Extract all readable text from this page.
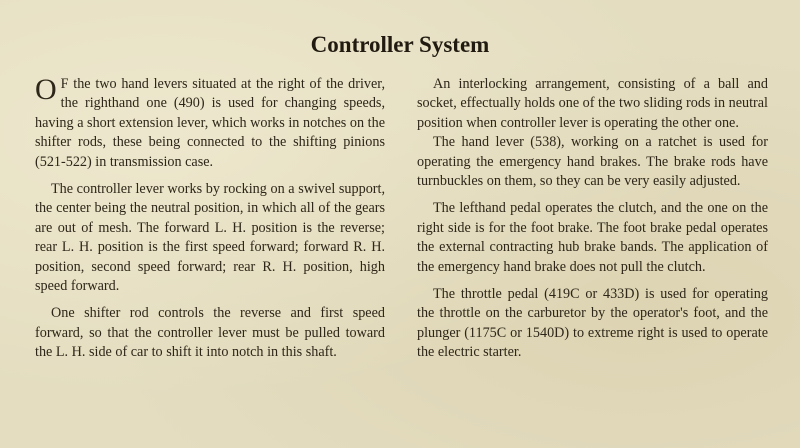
Controller System

O F the two hand levers situated at the right of the driver, the righthand one (490) is used for changing speeds, having a short extension lever, which works in notches on the shifter rods, these being connected to the shifting pinions (521-522) in transmission case.

The controller lever works by rocking on a swivel support, the center being the neutral position, in which all of the gears are out of mesh. The forward L. H. position is the reverse; rear L. H. position is the first speed forward; forward R. H. position, second speed forward; rear R. H. position, high speed forward.

One shifter rod controls the reverse and first speed forward, so that the controller lever must be pulled toward the L. H. side of car to shift it into notch in this shaft.

An interlocking arrangement, consisting of a ball and socket, effectually holds one of the two sliding rods in neutral position when controller lever is operating the other one.

The hand lever (538), working on a ratchet is used for operating the emergency hand brakes. The brake rods have turnbuckles on them, so they can be very easily adjusted.

The lefthand pedal operates the clutch, and the one on the right side is for the foot brake. The foot brake pedal operates the external contracting hub brake bands. The application of the emergency hand brake does not pull the clutch.

The throttle pedal (419C or 433D) is used for operating the throttle on the carburetor by the operator's foot, and the plunger (1175C or 1540D) to extreme right is used to operate the electric starter.
